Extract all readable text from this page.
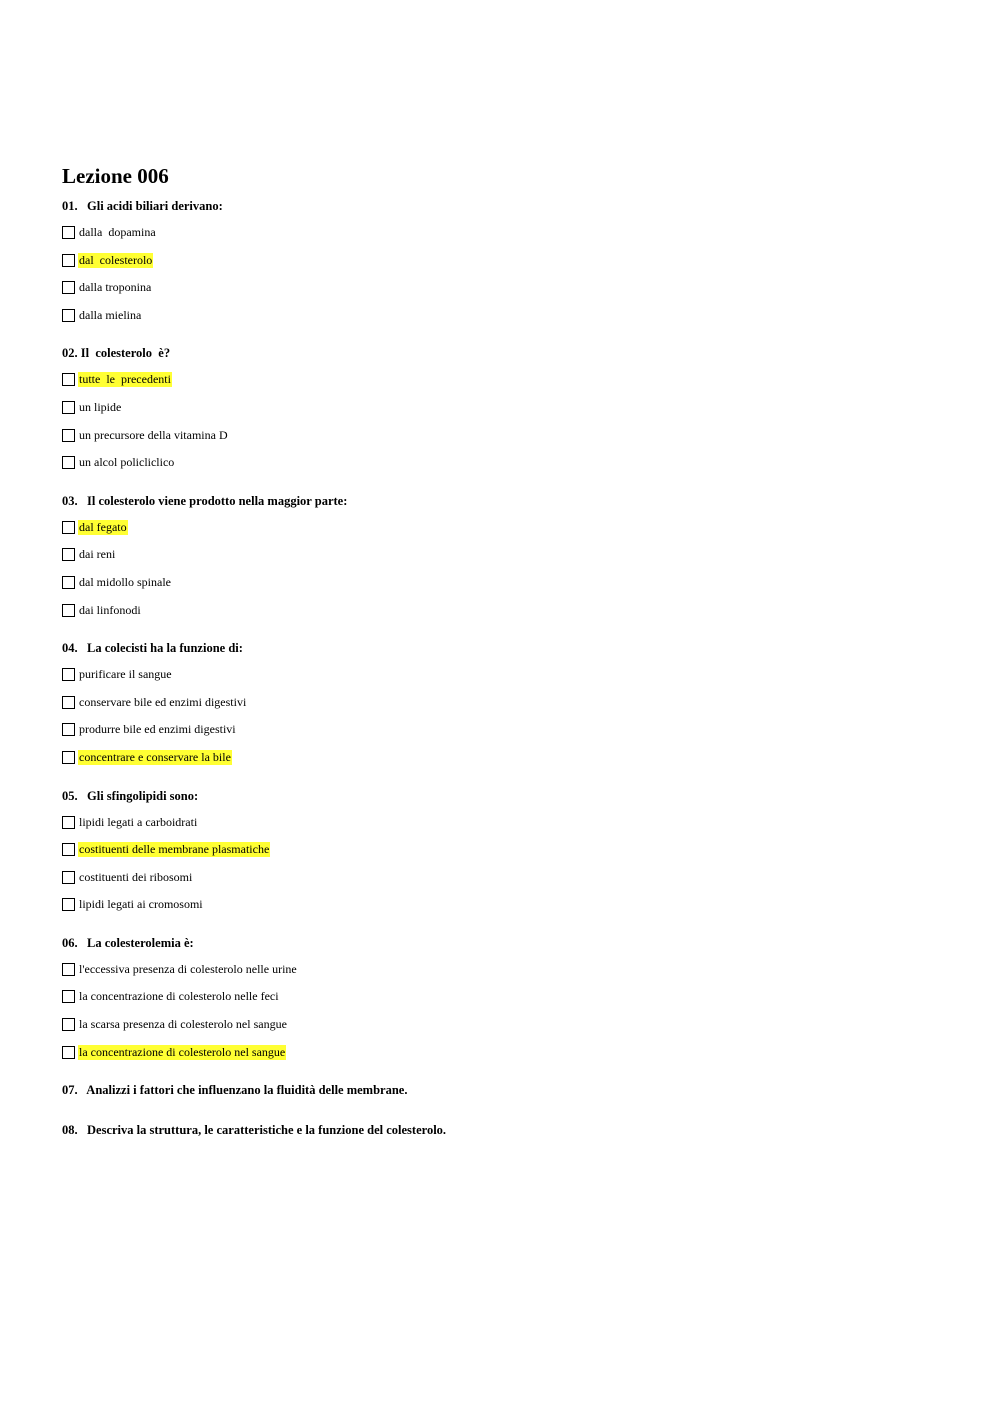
Lezione 006
01.   Gli acidi biliari derivano:
dalla  dopamina
dal  colesterolo
dalla troponina
dalla mielina
02. Il  colesterolo  è?
tutte  le  precedenti
un lipide
un precursore della vitamina D
un alcol policliclico
03.   Il colesterolo viene prodotto nella maggior parte:
dal fegato
dai reni
dal midollo spinale
dai linfonodi
04.   La colecisti ha la funzione di:
purificare il sangue
conservare bile ed enzimi digestivi
produrre bile ed enzimi digestivi
concentrare e conservare la bile
05.   Gli sfingolipidi sono:
lipidi legati a carboidrati
costituenti delle membrane plasmatiche
costituenti dei ribosomi
lipidi legati ai cromosomi
06.   La colesterolemia è:
l'eccessiva presenza di colesterolo nelle urine
la concentrazione di colesterolo nelle feci
la scarsa presenza di colesterolo nel sangue
la concentrazione di colesterolo nel sangue
07.   Analizzi i fattori che influenzano la fluidità delle membrane.
08.   Descriva la struttura, le caratteristiche e la funzione del colesterolo.
